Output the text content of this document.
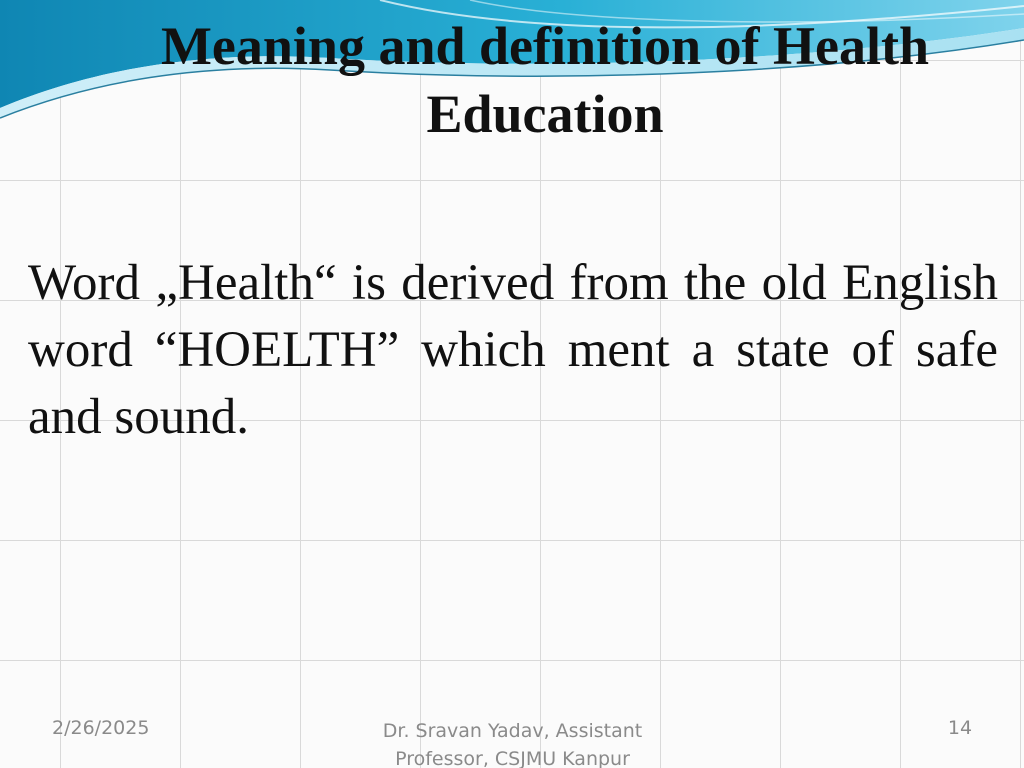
Meaning and definition of Health Education

Word „Health“ is derived from the old English word “HOELTH” which ment a state of safe and sound.

2/26/2025	Dr. Sravan Yadav, Assistant Professor, CSJMU Kanpur
14
